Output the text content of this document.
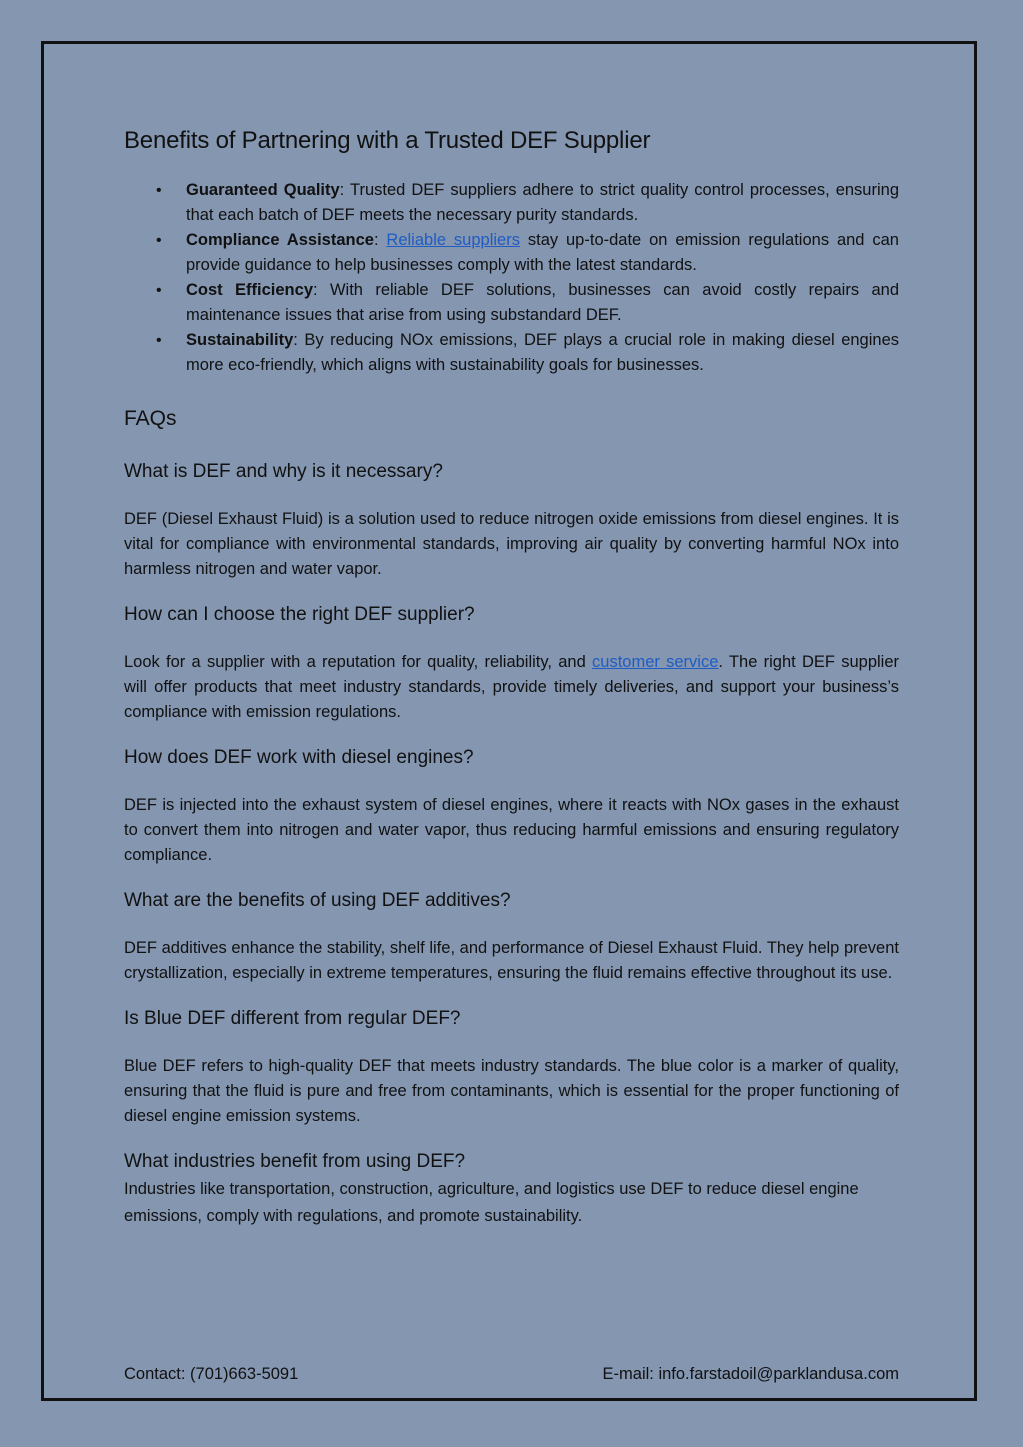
Benefits of Partnering with a Trusted DEF Supplier
• Guaranteed Quality: Trusted DEF suppliers adhere to strict quality control processes, ensuring that each batch of DEF meets the necessary purity standards.
• Compliance Assistance: Reliable suppliers stay up-to-date on emission regulations and can provide guidance to help businesses comply with the latest standards.
• Cost Efficiency: With reliable DEF solutions, businesses can avoid costly repairs and maintenance issues that arise from using substandard DEF.
• Sustainability: By reducing NOx emissions, DEF plays a crucial role in making diesel engines more eco-friendly, which aligns with sustainability goals for businesses.
FAQs
What is DEF and why is it necessary?

DEF (Diesel Exhaust Fluid) is a solution used to reduce nitrogen oxide emissions from diesel engines. It is vital for compliance with environmental standards, improving air quality by converting harmful NOx into harmless nitrogen and water vapor.

How can I choose the right DEF supplier?

Look for a supplier with a reputation for quality, reliability, and customer service. The right DEF supplier will offer products that meet industry standards, provide timely deliveries, and support your business’s compliance with emission regulations.

How does DEF work with diesel engines?

DEF is injected into the exhaust system of diesel engines, where it reacts with NOx gases in the exhaust to convert them into nitrogen and water vapor, thus reducing harmful emissions and ensuring regulatory compliance.

What are the benefits of using DEF additives?

DEF additives enhance the stability, shelf life, and performance of Diesel Exhaust Fluid. They help prevent crystallization, especially in extreme temperatures, ensuring the fluid remains effective throughout its use.

Is Blue DEF different from regular DEF?

Blue DEF refers to high-quality DEF that meets industry standards. The blue color is a marker of quality, ensuring that the fluid is pure and free from contaminants, which is essential for the proper functioning of diesel engine emission systems.

What industries benefit from using DEF?

Industries like transportation, construction, agriculture, and logistics use DEF to reduce diesel engine emissions, comply with regulations, and promote sustainability.

Contact: (701)663-5091	E-mail: info.farstadoil@parklandusa.com
